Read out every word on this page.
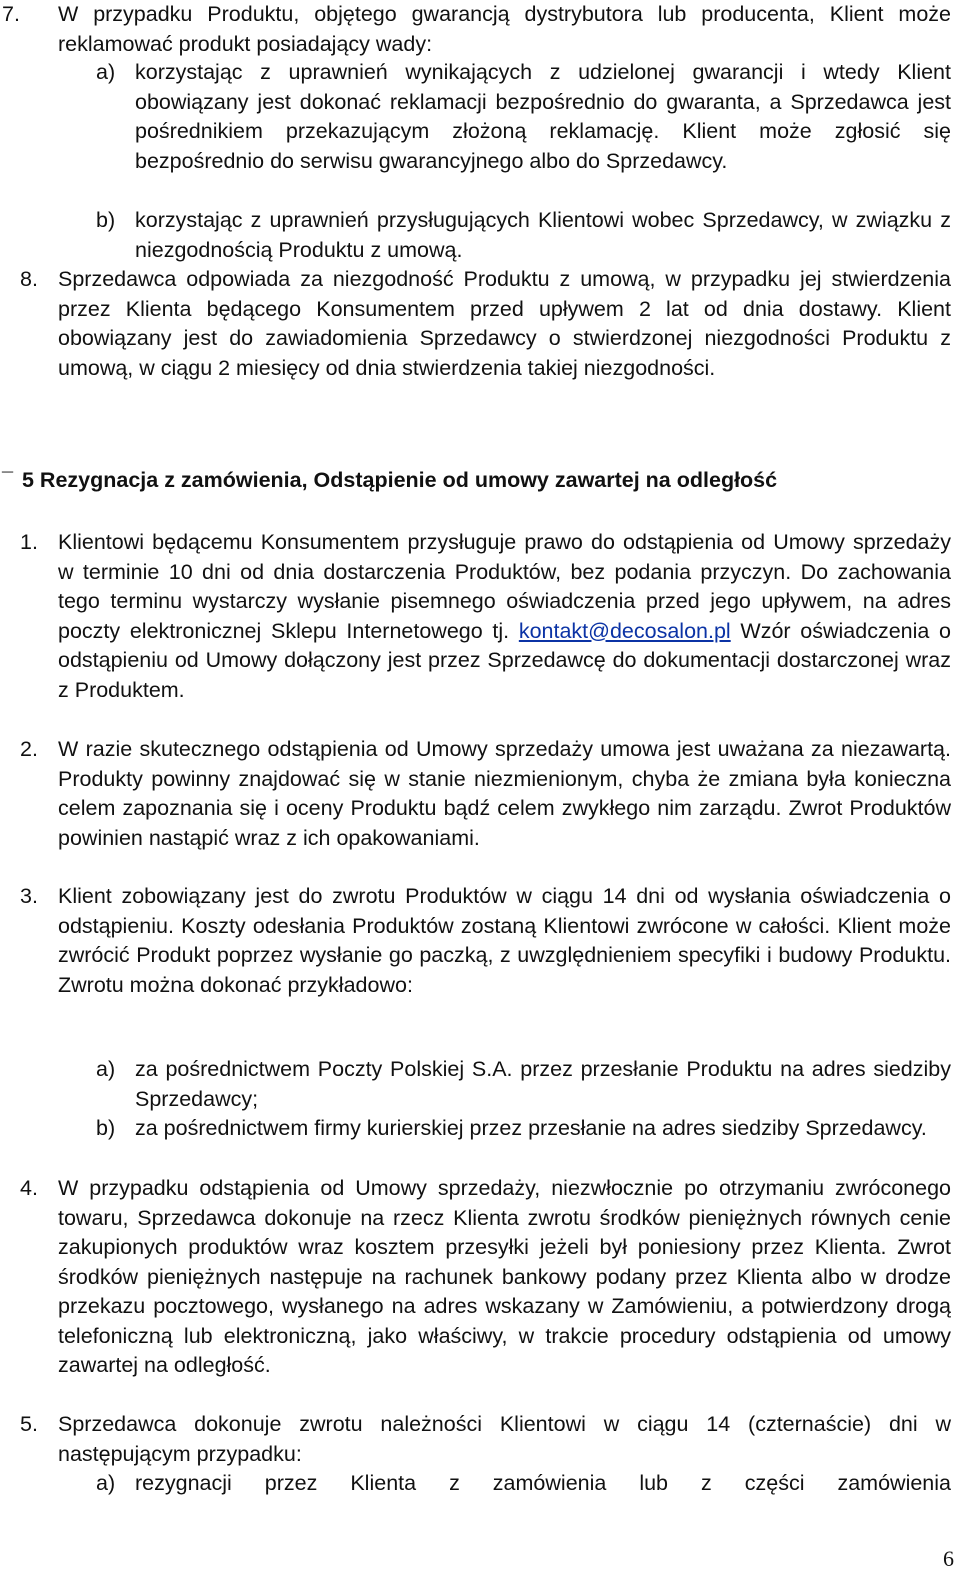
7. W przypadku Produktu, objętego gwarancją dystrybutora lub producenta, Klient może reklamować produkt posiadający wady:
a) korzystając z uprawnień wynikających z udzielonej gwarancji i wtedy Klient obowiązany jest dokonać reklamacji bezpośrednio do gwaranta, a Sprzedawca jest pośrednikiem przekazującym złożoną reklamację. Klient może zgłosić się bezpośrednio do serwisu gwarancyjnego albo do Sprzedawcy.
b) korzystając z uprawnień przysługujących Klientowi wobec Sprzedawcy, w związku z niezgodnością Produktu z umową.
8. Sprzedawca odpowiada za niezgodność Produktu z umową, w przypadku jej stwierdzenia przez Klienta będącego Konsumentem przed upływem 2 lat od dnia dostawy. Klient obowiązany jest do zawiadomienia Sprzedawcy o stwierdzonej niezgodności Produktu z umową, w ciągu 2 miesięcy od dnia stwierdzenia takiej niezgodności.
¯ 5 Rezygnacja z zamówienia, Odstąpienie od umowy zawartej na odległość
1. Klientowi będącemu Konsumentem przysługuje prawo do odstąpienia od Umowy sprzedaży w terminie 10 dni od dnia dostarczenia Produktów, bez podania przyczyn. Do zachowania tego terminu wystarczy wysłanie pisemnego oświadczenia przed jego upływem, na adres poczty elektronicznej Sklepu Internetowego tj. kontakt@decosalon.pl Wzór oświadczenia o odstąpieniu od Umowy dołączony jest przez Sprzedawcę do dokumentacji dostarczonej wraz z Produktem.
2. W razie skutecznego odstąpienia od Umowy sprzedaży umowa jest uważana za niezawartą. Produkty powinny znajdować się w stanie niezmienionym, chyba że zmiana była konieczna celem zapoznania się i oceny Produktu bądź celem zwykłego nim zarządu. Zwrot Produktów powinien nastąpić wraz z ich opakowaniami.
3. Klient zobowiązany jest do zwrotu Produktów w ciągu 14 dni od wysłania oświadczenia o odstąpieniu. Koszty odesłania Produktów zostaną Klientowi zwrócone w całości. Klient może zwrócić Produkt poprzez wysłanie go paczką, z uwzględnieniem specyfiki i budowy Produktu. Zwrotu można dokonać przykładowo:
a) za pośrednictwem Poczty Polskiej S.A. przez przesłanie Produktu na adres siedziby Sprzedawcy;
b) za pośrednictwem firmy kurierskiej przez przesłanie na adres siedziby Sprzedawcy.
4. W przypadku odstąpienia od Umowy sprzedaży, niezwłocznie po otrzymaniu zwróconego towaru, Sprzedawca dokonuje na rzecz Klienta zwrotu środków pieniężnych równych cenie zakupionych produktów wraz kosztem przesyłki jeżeli był poniesiony przez Klienta. Zwrot środków pieniężnych następuje na rachunek bankowy podany przez Klienta albo w drodze przekazu pocztowego, wysłanego na adres wskazany w Zamówieniu, a potwierdzony drogą telefoniczną lub elektroniczną, jako właściwy, w trakcie procedury odstąpienia od umowy zawartej na odległość.
5. Sprzedawca dokonuje zwrotu należności Klientowi w ciągu 14 (czternaście) dni w następującym przypadku:
a) rezygnacji przez Klienta z zamówienia lub z części zamówienia
6
